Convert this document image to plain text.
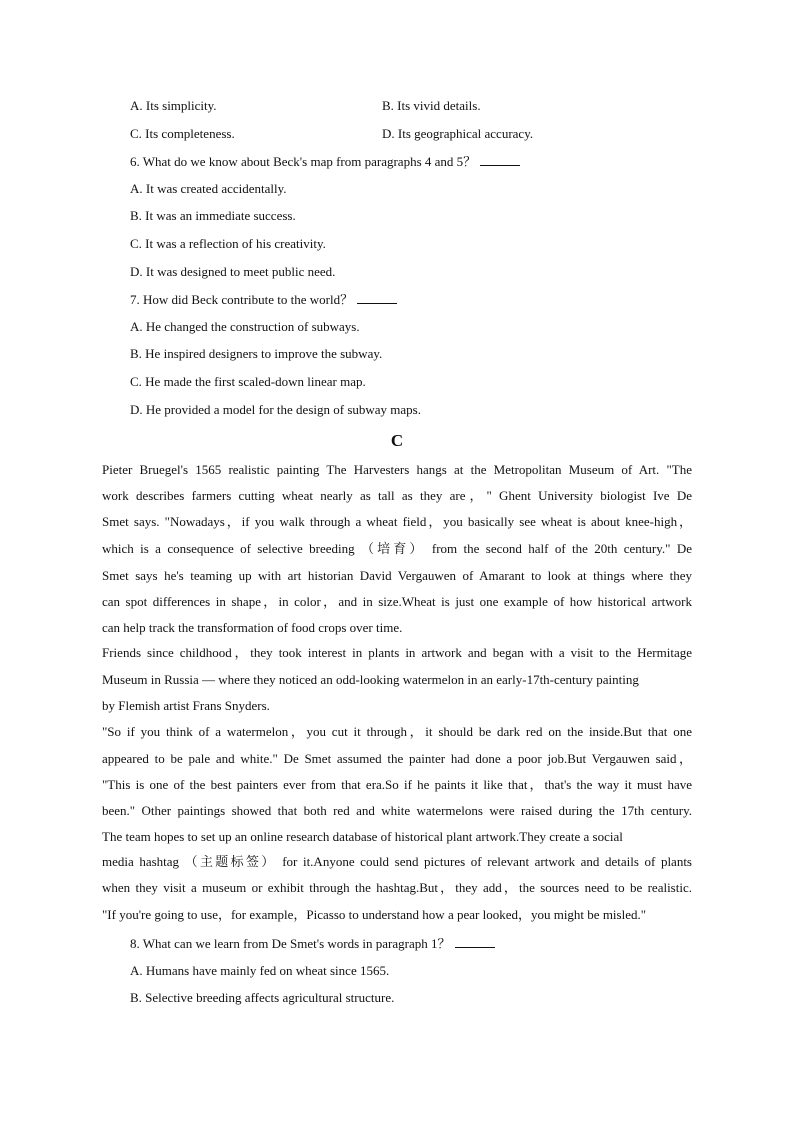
A. Its simplicity.	B. Its vivid details.
C. Its completeness.	D. Its geographical accuracy.
6. What do we know about Beck's map from paragraphs 4 and 5？
A. It was created accidentally.
B. It was an immediate success.
C. It was a reflection of his creativity.
D. It was designed to meet public need.
7. How did Beck contribute to the world？
A. He changed the construction of subways.
B. He inspired designers to improve the subway.
C. He made the first scaled-down linear map.
D. He provided a model for the design of subway maps.
C
Pieter Bruegel's 1565 realistic painting The Harvesters hangs at the Metropolitan Museum of Art. "The
work describes farmers cutting wheat nearly as tall as they are，" Ghent University biologist Ive De
Smet says. "Nowadays，if you walk through a wheat field，you basically see wheat is about knee-high，
which is a consequence of selective breeding （培育） from the second half of the 20th century." De
Smet says he's teaming up with art historian David Vergauwen of Amarant to look at things where they
can spot differences in shape，in color，and in size.Wheat is just one example of how historical artwork
can help track the transformation of food crops over time.
Friends since childhood，they took interest in plants in artwork and began with a visit to the Hermitage
Museum in Russia — where they noticed an odd-looking watermelon in an early-17th-century painting
by Flemish artist Frans Snyders.
"So if you think of a watermelon，you cut it through，it should be dark red on the inside.But that one
appeared to be pale and white." De Smet assumed the painter had done a poor job.But Vergauwen said，
"This is one of the best painters ever from that era.So if he paints it like that，that's the way it must have
been." Other paintings showed that both red and white watermelons were raised during the 17th century.
The team hopes to set up an online research database of historical plant artwork.They create a social
media hashtag （主题标签） for it.Anyone could send pictures of relevant artwork and details of plants
when they visit a museum or exhibit through the hashtag.But，they add，the sources need to be realistic.
"If you're going to use，for example，Picasso to understand how a pear looked，you might be misled."
8. What can we learn from De Smet's words in paragraph 1？
A. Humans have mainly fed on wheat since 1565.
B. Selective breeding affects agricultural structure.
